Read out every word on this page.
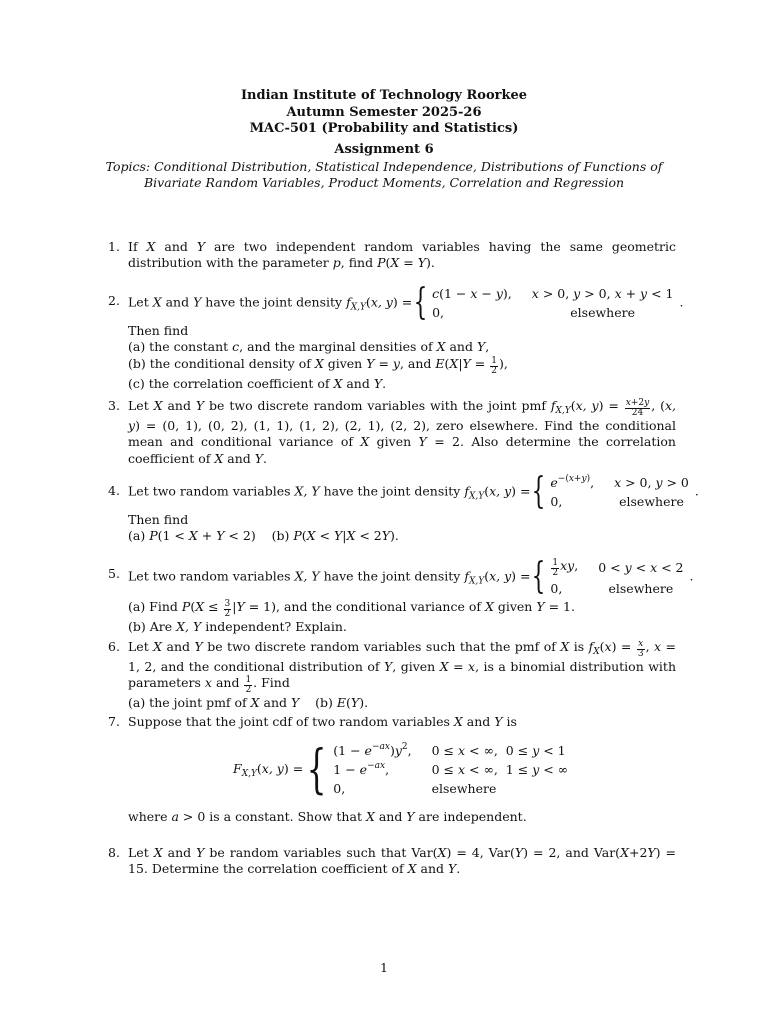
Indian Institute of Technology Roorkee
Autumn Semester 2025-26
MAC-501 (Probability and Statistics)
Assignment 6
Topics: Conditional Distribution, Statistical Independence, Distributions of Functions of Bivariate Random Variables, Product Moments, Correlation and Regression
1. If X and Y are two independent random variables having the same geometric distribution with the parameter p, find P(X = Y).
2. Let X and Y have the joint density $f_{X,Y}(x$, y) ={ c(1 − x − y),	x > 0, y > 0, x + y < 1
0,	elsewhere.
Then find
(a) the constant c, and the marginal densities of X and Y,
(b) the conditional density of X given Y = y, and $E(X|Y = \frac{1}{2}$ ),
(c) the correlation coefficient of X and Y.
3. Let X and Y be two discrete random variables with the joint pmf $f_{X,Y}(x$, $y) = \frac{x+2y}{24}$ , (x, y) = (0, 1), (0, 2), (1, 1), (1, 2), (2, 1), (2, 2), zero elsewhere. Find the conditional mean and conditional variance of X given Y = 2. Also determine the correlation coefficient of X and Y.
4. Let two random variables X, Y have the joint density $f_{X,Y}(x$, y) ={ $e^{-(x+y)}$,	x > 0, y > 0
0,	elsewhere.
Then find
(a) P(1 < X + Y < 2)    (b) P(X < Y|X < 2Y).
5. Let two random variables X, Y have the joint density $f_{X,Y}(x$, y) ={ $\frac{1}{2}$ xy,	0 < y < x < 2
0,	elsewhere.
(a) Find $P(X \le \frac{3}{2} |Y = 1)$, and the conditional variance of X given Y = 1.
(b) Are X, Y independent? Explain.
6. Let X and Y be two discrete random variables such that the pmf of X is $f_X(x) = \frac{x}{3}$ , x = 1, 2, and the conditional distribution of Y, given X = x, is a binomial distribution with parameters x and $\frac{1}{2}$ . Find
(a) the joint pmf of X and Y    (b) E(Y).
7. Suppose that the joint cdf of two random variables X and Y is
$F_{X,Y}(x$, y) ={ $(1 - e^{-ax})y^2$,	0 ≤ x < ∞,  0 ≤ y < 1
$1 - e^{-ax}$,	0 ≤ x < ∞,  1 ≤ y < ∞
0,	elsewhere
where a > 0 is a constant. Show that X and Y are independent.
8. Let X and Y be random variables such that Var(X) = 4, Var(Y) = 2, and Var(X+2Y) = 15. Determine the correlation coefficient of X and Y.
1
